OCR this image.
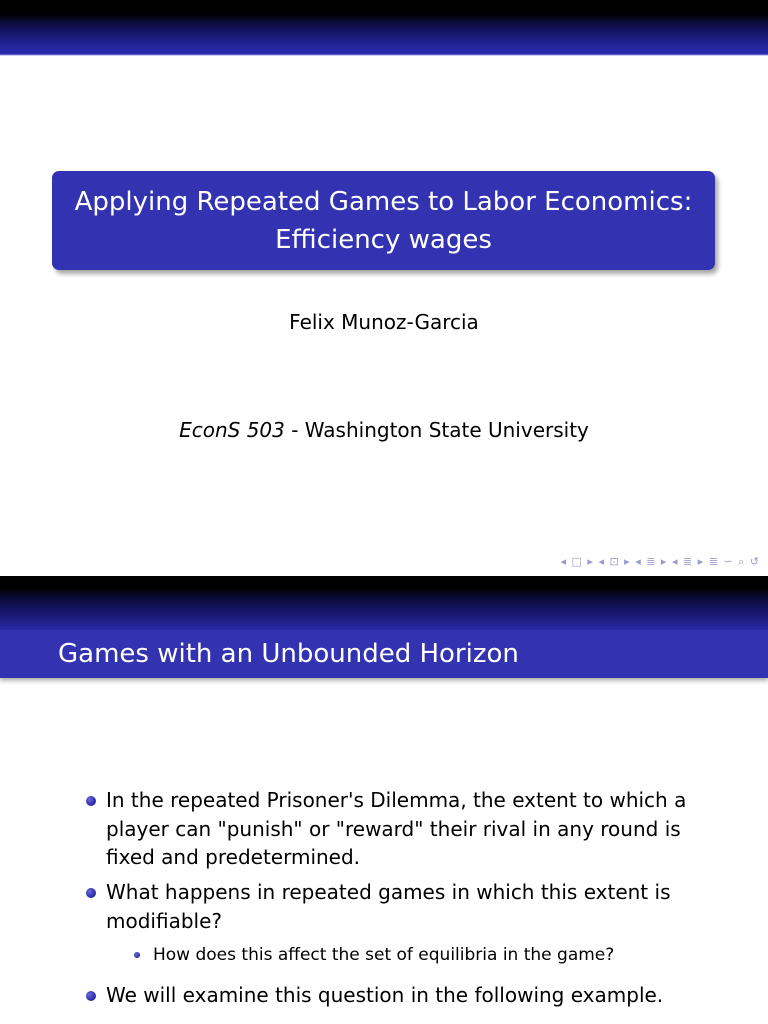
Applying Repeated Games to Labor Economics:
Efficiency wages
Felix Munoz-Garcia
EconS 503 - Washington State University
◂ □ ▸ ◂ ⊡ ▸ ◂ ≣ ▸ ◂ ≣ ▸ ≣ ∽ ⌕ ↺
Games with an Unbounded Horizon
In the repeated Prisoner's Dilemma, the extent to which a player can "punish" or "reward" their rival in any round is fixed and predetermined.
What happens in repeated games in which this extent is modifiable?
How does this affect the set of equilibria in the game?
We will examine this question in the following example.
